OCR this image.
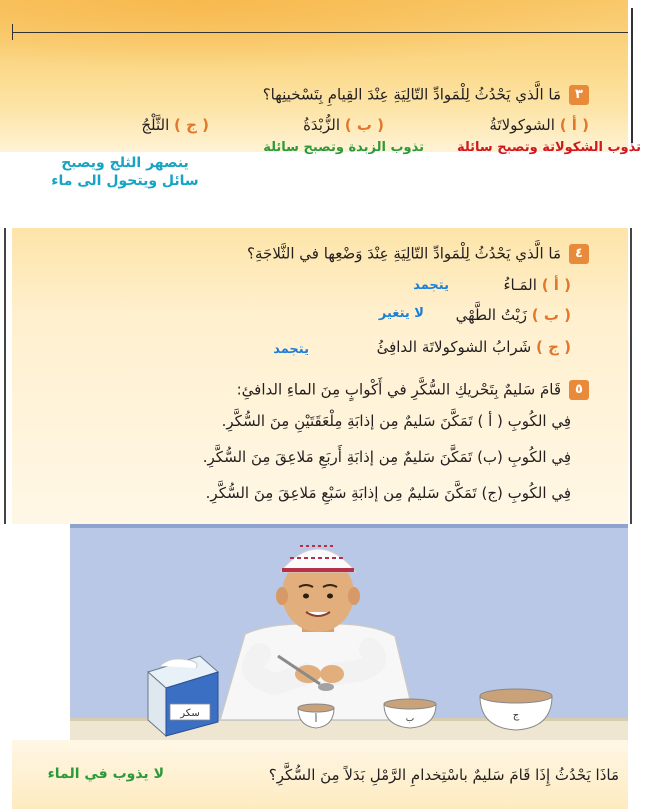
٣مَا الَّذي يَحْدُثُ لِلْمَوادِّ التّالِيَةِ عِنْدَ القِيامِ بِتَسْخينِها؟
( أ ) الشوكولاتَةُ
( ب ) الزُّبْدَةُ
( ج ) الثَّلْجُ
تذوب الشكولاتة وتصبح سائلة
تذوب الزبدة وتصبح سائلة
ينصهر الثلج ويصبح
سائل ويتحول الى ماء
٤مَا الَّذي يَحْدُثُ لِلْمَوادِّ التّالِيَةِ عِنْدَ وَضْعِها في الثَّلاجَةِ؟
( أ ) المَـاءُ
يتجمد
( ب ) زَيْتُ الطَّهْي
لا يتغير
( ج ) شَرابُ الشوكولاتَة الدافِئُ
يتجمد
٥قَامَ سَليمٌ بِتَحْريكِ السُّكَّرِ في أَكْوابٍ مِنَ الماءِ الدافئِ:
فِي الكُوبِ ( أ ) تَمَكَّنَ سَليمٌ مِن إذابَةِ مِلْعَقَتَيْنِ مِنَ السُّكَّرِ.
فِي الكُوبِ (ب) تَمَكَّنَ سَليمٌ مِن إذابَةِ أَربَعِ مَلاعِقَ مِنَ السُّكَّرِ.
فِي الكُوبِ (ج) تَمَكَّنَ سَليمٌ مِن إذابَةِ سَبْعِ مَلاعِقَ مِنَ السُّكَّرِ.
سكر
أ	ب	ج
مَاذَا يَحْدُثُ إِذَا قَامَ سَليمٌ باسْتِخدامِ الرَّمْلِ بَدَلاً مِنَ السُّكَّرِ؟
لا يذوب في الماء
